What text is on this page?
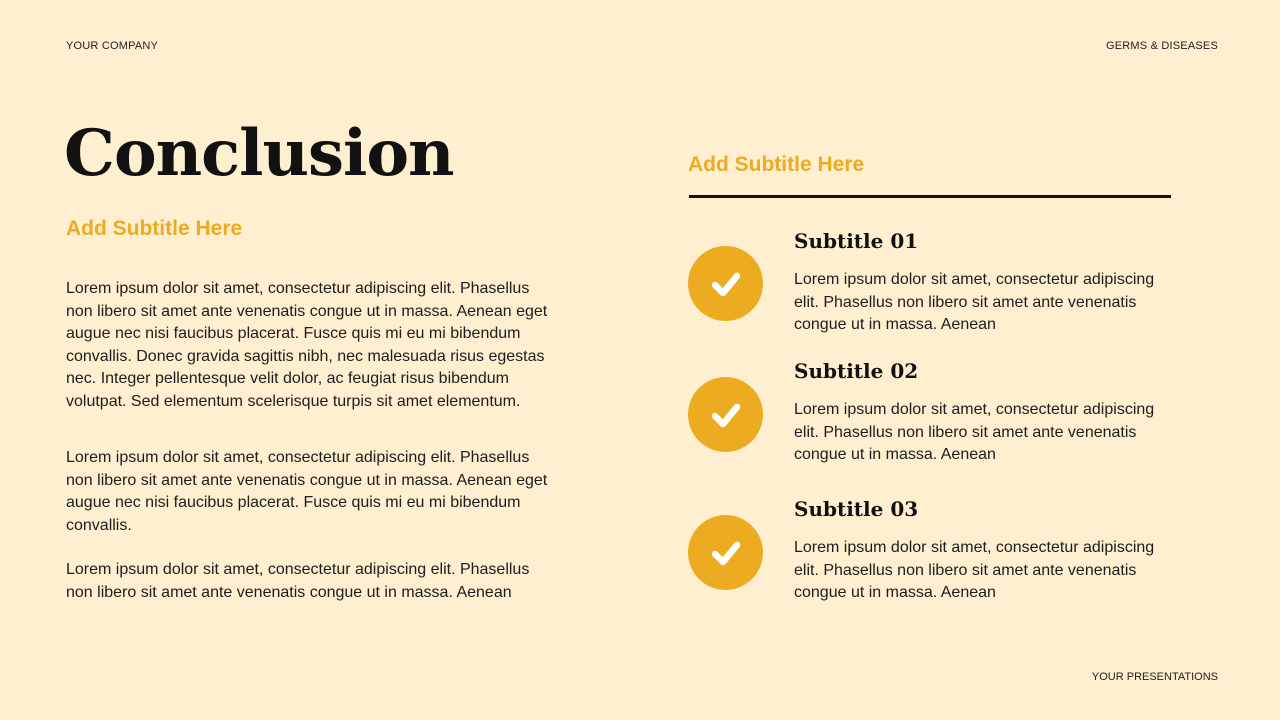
YOUR COMPANY	GERMS & DISEASES
Conclusion
Add Subtitle Here

Lorem ipsum dolor sit amet, consectetur adipiscing elit. Phasellus non libero sit amet ante venenatis congue ut in massa. Aenean eget augue nec nisi faucibus placerat. Fusce quis mi eu mi bibendum convallis. Donec gravida sagittis nibh, nec malesuada risus egestas nec. Integer pellentesque velit dolor, ac feugiat risus bibendum volutpat. Sed elementum scelerisque turpis sit amet elementum.

Lorem ipsum dolor sit amet, consectetur adipiscing elit. Phasellus non libero sit amet ante venenatis congue ut in massa. Aenean eget augue nec nisi faucibus placerat. Fusce quis mi eu mi bibendum convallis.

Lorem ipsum dolor sit amet, consectetur adipiscing elit. Phasellus non libero sit amet ante venenatis congue ut in massa. Aenean

Add Subtitle Here
Subtitle 01

Lorem ipsum dolor sit amet, consectetur adipiscing elit. Phasellus non libero sit amet ante venenatis congue ut in massa. Aenean

Subtitle 02

Lorem ipsum dolor sit amet, consectetur adipiscing elit. Phasellus non libero sit amet ante venenatis congue ut in massa. Aenean

Subtitle 03

Lorem ipsum dolor sit amet, consectetur adipiscing elit. Phasellus non libero sit amet ante venenatis congue ut in massa. Aenean

YOUR PRESENTATIONS
